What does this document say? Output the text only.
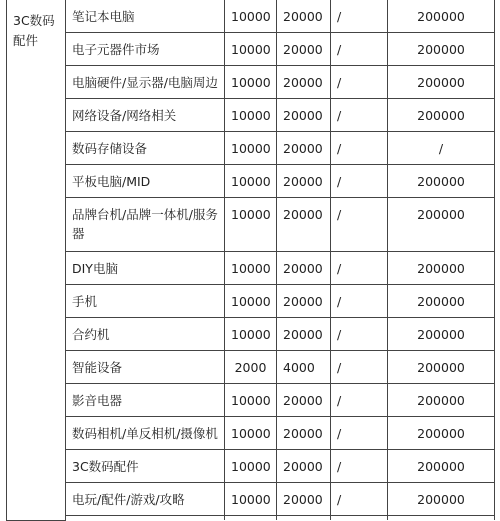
3C数码配件	笔记本电脑	10000	20000	/	200000
	电子元器件市场	10000	20000	/	200000
	电脑硬件/显示器/电脑周边	10000	20000	/	200000
	网络设备/网络相关	10000	20000	/	200000
	数码存储设备	10000	20000	/	/
	平板电脑/MID	10000	20000	/	200000
	品牌台机/品牌一体机/服务器	10000	20000	/	200000
	DIY电脑	10000	20000	/	200000
	手机	10000	20000	/	200000
	合约机	10000	20000	/	200000
	智能设备	2000	4000	/	200000
	影音电器	10000	20000	/	200000
	数码相机/单反相机/摄像机	10000	20000	/	200000
	3C数码配件	10000	20000	/	200000
	电玩/配件/游戏/攻略	10000	20000	/	200000
